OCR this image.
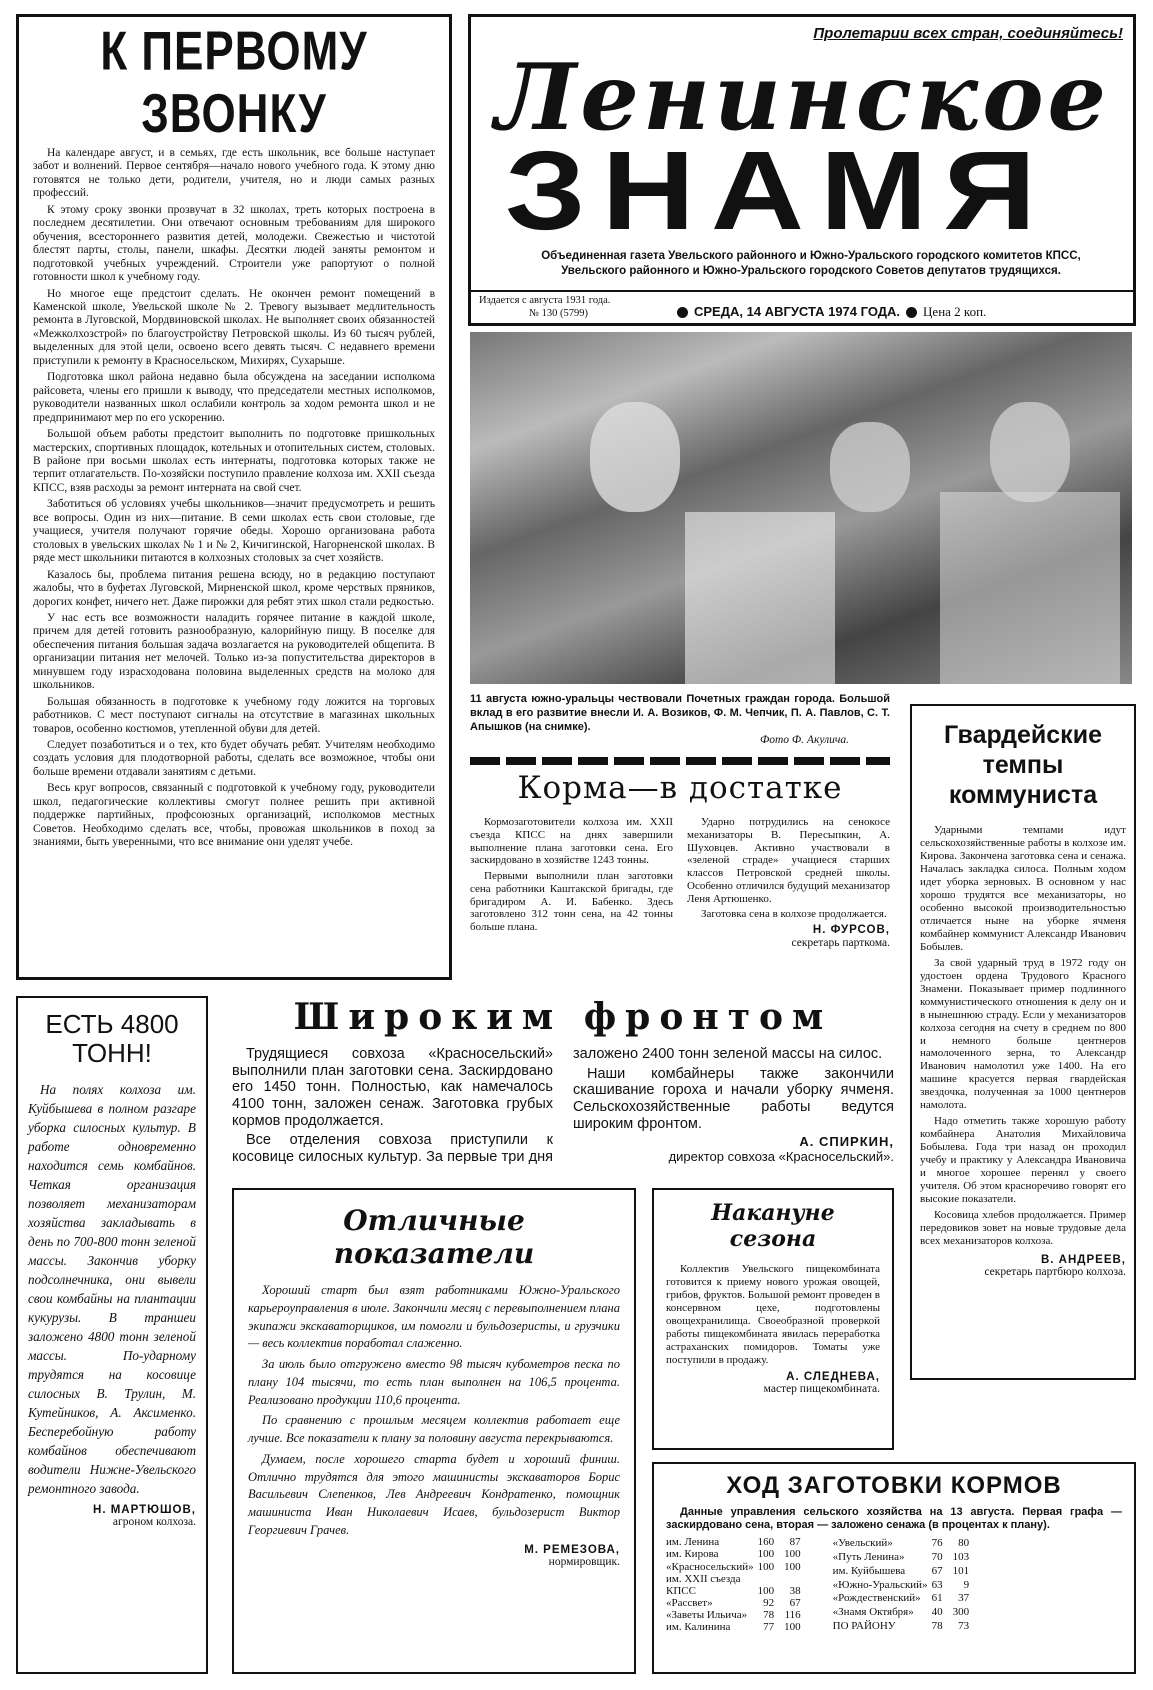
Пролетарии всех стран, соединяйтесь!
Ленинское
ЗНАМЯ
Объединенная газета Увельского районного и Южно-Уральского городского комитетов КПСС, Увельского районного и Южно-Уральского городского Советов депутатов трудящихся.
Издается с августа 1931 года.
№ 130 (5799)	СРЕДА, 14 АВГУСТА 1974 ГОДА. Цена 2 коп.
К ПЕРВОМУ ЗВОНКУ

На календаре август, и в семьях, где есть школьник, все больше наступает забот и волнений. Первое сентября—начало нового учебного года. К этому дню готовятся не только дети, родители, учителя, но и люди самых разных профессий.

К этому сроку звонки прозвучат в 32 школах, треть которых построена в последнем десятилетии. Они отвечают основным требованиям для широкого обучения, всестороннего развития детей, молодежи. Свежестью и чистотой блестят парты, столы, панели, шкафы. Десятки людей заняты ремонтом и подготовкой учебных учреждений. Строители уже рапортуют о полной готовности школ к учебному году.

Но многое еще предстоит сделать. Не окончен ремонт помещений в Каменской школе, Увельской школе № 2. Тревогу вызывает медлительность ремонта в Луговской, Мордвиновской школах. Не выполняет своих обязанностей «Межколхозстрой» по благоустройству Петровской школы. Из 60 тысяч рублей, выделенных для этой цели, освоено всего девять тысяч. С недавнего времени приступили к ремонту в Красносельском, Михирях, Сухарыше.

Подготовка школ района недавно была обсуждена на заседании исполкома райсовета, члены его пришли к выводу, что председатели местных исполкомов, руководители названных школ ослабили контроль за ходом ремонта школ и не предпринимают мер по его ускорению.

Большой объем работы предстоит выполнить по подготовке пришкольных мастерских, спортивных площадок, котельных и отопительных систем, столовых. В районе при восьми школах есть интернаты, подготовка которых также не терпит отлагательств. По-хозяйски поступило правление колхоза им. XXII съезда КПСС, взяв расходы за ремонт интерната на свой счет.

Заботиться об условиях учебы школьников—значит предусмотреть и решить все вопросы. Один из них—питание. В семи школах есть свои столовые, где учащиеся, учителя получают горячие обеды. Хорошо организована работа столовых в увельских школах № 1 и № 2, Кичигинской, Нагорненской школах. В ряде мест школьники питаются в колхозных столовых за счет хозяйств.

Казалось бы, проблема питания решена всюду, но в редакцию поступают жалобы, что в буфетах Луговской, Мирненской школ, кроме черствых пряников, дорогих конфет, ничего нет. Даже пирожки для ребят этих школ стали редкостью.

У нас есть все возможности наладить горячее питание в каждой школе, причем для детей готовить разнообразную, калорийную пищу. В поселке для обеспечения питания большая задача возлагается на руководителей общепита. В организации питания нет мелочей. Только из-за попустительства директоров в минувшем году израсходована половина выделенных средств на молоко для школьников.

Большая обязанность в подготовке к учебному году ложится на торговых работников. С мест поступают сигналы на отсутствие в магазинах школьных товаров, особенно костюмов, утепленной обуви для детей.

Следует позаботиться и о тех, кто будет обучать ребят. Учителям необходимо создать условия для плодотворной работы, сделать все возможное, чтобы они больше времени отдавали занятиям с детьми.

Весь круг вопросов, связанный с подготовкой к учебному году, руководители школ, педагогические коллективы смогут полнее решить при активной поддержке партийных, профсоюзных организаций, исполкомов местных Советов. Необходимо сделать все, чтобы, провожая школьников в поход за знаниями, быть уверенными, что все внимание они уделят учебе.

11 августа южно-уральцы чествовали Почетных граждан города. Большой вклад в его развитие внесли И. А. Возиков, Ф. М. Чепчик, П. А. Павлов, С. Т. Апышков (на снимке).
Фото Ф. Акулича.
Корма—в достатке

Кормозаготовители колхоза им. XXII съезда КПСС на днях завершили выполнение плана заготовки сена. Его заскирдовано в хозяйстве 1243 тонны.

Первыми выполнили план заготовки сена работники Каштакской бригады, где бригадиром А. И. Бабенко. Здесь заготовлено 312 тонн сена, на 42 тонны больше плана.

Ударно потрудились на сенокосе механизаторы В. Пересыпкин, А. Шуховцев. Активно участвовали в «зеленой страде» учащиеся старших классов Петровской средней школы. Особенно отличился будущий механизатор Леня Артюшенко.

Заготовка сена в колхозе продолжается.

Н. ФУРСОВ,
секретарь парткома.
Гвардейские темпы коммуниста

Ударными темпами идут сельскохозяйственные работы в колхозе им. Кирова. Закончена заготовка сена и сенажа. Началась закладка силоса. Полным ходом идет уборка зерновых. В основном у нас хорошо трудятся все механизаторы, но особенно высокой производительностью отличается ныне на уборке ячменя комбайнер коммунист Александр Иванович Бобылев.

За свой ударный труд в 1972 году он удостоен ордена Трудового Красного Знамени. Показывает пример подлинного коммунистического отношения к делу он и в нынешнюю страду. Если у механизаторов колхоза сегодня на счету в среднем по 800 и немного больше центнеров намолоченного зерна, то Александр Иванович намолотил уже 1400. На его машине красуется первая гвардейская звездочка, полученная за 1000 центнеров намолота.

Надо отметить также хорошую работу комбайнера Анатолия Михайловича Бобылева. Года три назад он проходил учебу и практику у Александра Ивановича и многое хорошее перенял у своего учителя. Об этом красноречиво говорят его высокие показатели.

Косовица хлебов продолжается. Пример передовиков зовет на новые трудовые дела всех механизаторов колхоза.

В. АНДРЕЕВ,
секретарь партбюро колхоза.
ЕСТЬ 4800 ТОНН!
На полях колхоза им. Куйбышева в полном разгаре уборка силосных культур. В работе одновременно находится семь комбайнов. Четкая организация позволяет механизаторам хозяйства закладывать в день по 700-800 тонн зеленой массы. Закончив уборку подсолнечника, они вывели свои комбайны на плантации кукурузы. В траншеи заложено 4800 тонн зеленой массы. По-ударному трудятся на косовице силосных В. Трулин, М. Кутейников, А. Аксименко. Бесперебойную работу комбайнов обеспечивают водители Нижне-Увельского ремонтного завода.
Н. МАРТЮШОВ,
агроном колхоза.
Широким фронтом

Трудящиеся совхоза «Красносельский» выполнили план заготовки сена. Заскирдовано его 1450 тонн. Полностью, как намечалось 4100 тонн, заложен сенаж. Заготовка грубых кормов продолжается.

Все отделения совхоза приступили к косовице силосных культур. За первые три дня заложено 2400 тонн зеленой массы на силос.

Наши комбайнеры также закончили скашивание гороха и начали уборку ячменя. Сельскохозяйственные работы ведутся широким фронтом.

А. СПИРКИН,
директор совхоза «Красносельский».
Отличные показатели

Хороший старт был взят работниками Южно-Уральского карьероуправления в июле. Закончили месяц с перевыполнением плана экипажи экскаваторщиков, им помогли и бульдозеристы, и грузчики — весь коллектив поработал слаженно.

За июль было отгружено вместо 98 тысяч кубометров песка по плану 104 тысячи, то есть план выполнен на 106,5 процента. Реализовано продукции 110,6 процента.

По сравнению с прошлым месяцем коллектив работает еще лучше. Все показатели к плану за половину августа перекрываются.

Думаем, после хорошего старта будет и хороший финиш. Отлично трудятся для этого машинисты экскаваторов Борис Васильевич Слепенков, Лев Андреевич Кондратенко, помощник машиниста Иван Николаевич Исаев, бульдозерист Виктор Георгиевич Грачев.

М. РЕМЕЗОВА,
нормировщик.
Накануне сезона
Коллектив Увельского пищекомбината готовится к приему нового урожая овощей, грибов, фруктов. Большой ремонт проведен в консервном цехе, подготовлены овощехранилища. Своеобразной проверкой работы пищекомбината явилась переработка астраханских помидоров. Томаты уже поступили в продажу.
А. СЛЕДНЕВА,
мастер пищекомбината.
ХОД ЗАГОТОВКИ КОРМОВ
Данные управления сельского хозяйства на 13 августа. Первая графа — заскирдовано сена, вторая — заложено сенажа (в процентах к плану).
им. Ленина	160	87
им. Кирова	100	100
«Красносельский»	100	100
им. XXII съезда		
КПСС	100	38
«Рассвет»	92	67
«Заветы Ильича»	78	116
им. Калинина	77	100
«Увельский»	76	80
«Путь Ленина»	70	103
им. Куйбышева	67	101
«Южно-Уральский»	63	9
«Рождественский»	61	37
«Знамя Октября»	40	300
ПО РАЙОНУ	78	73
